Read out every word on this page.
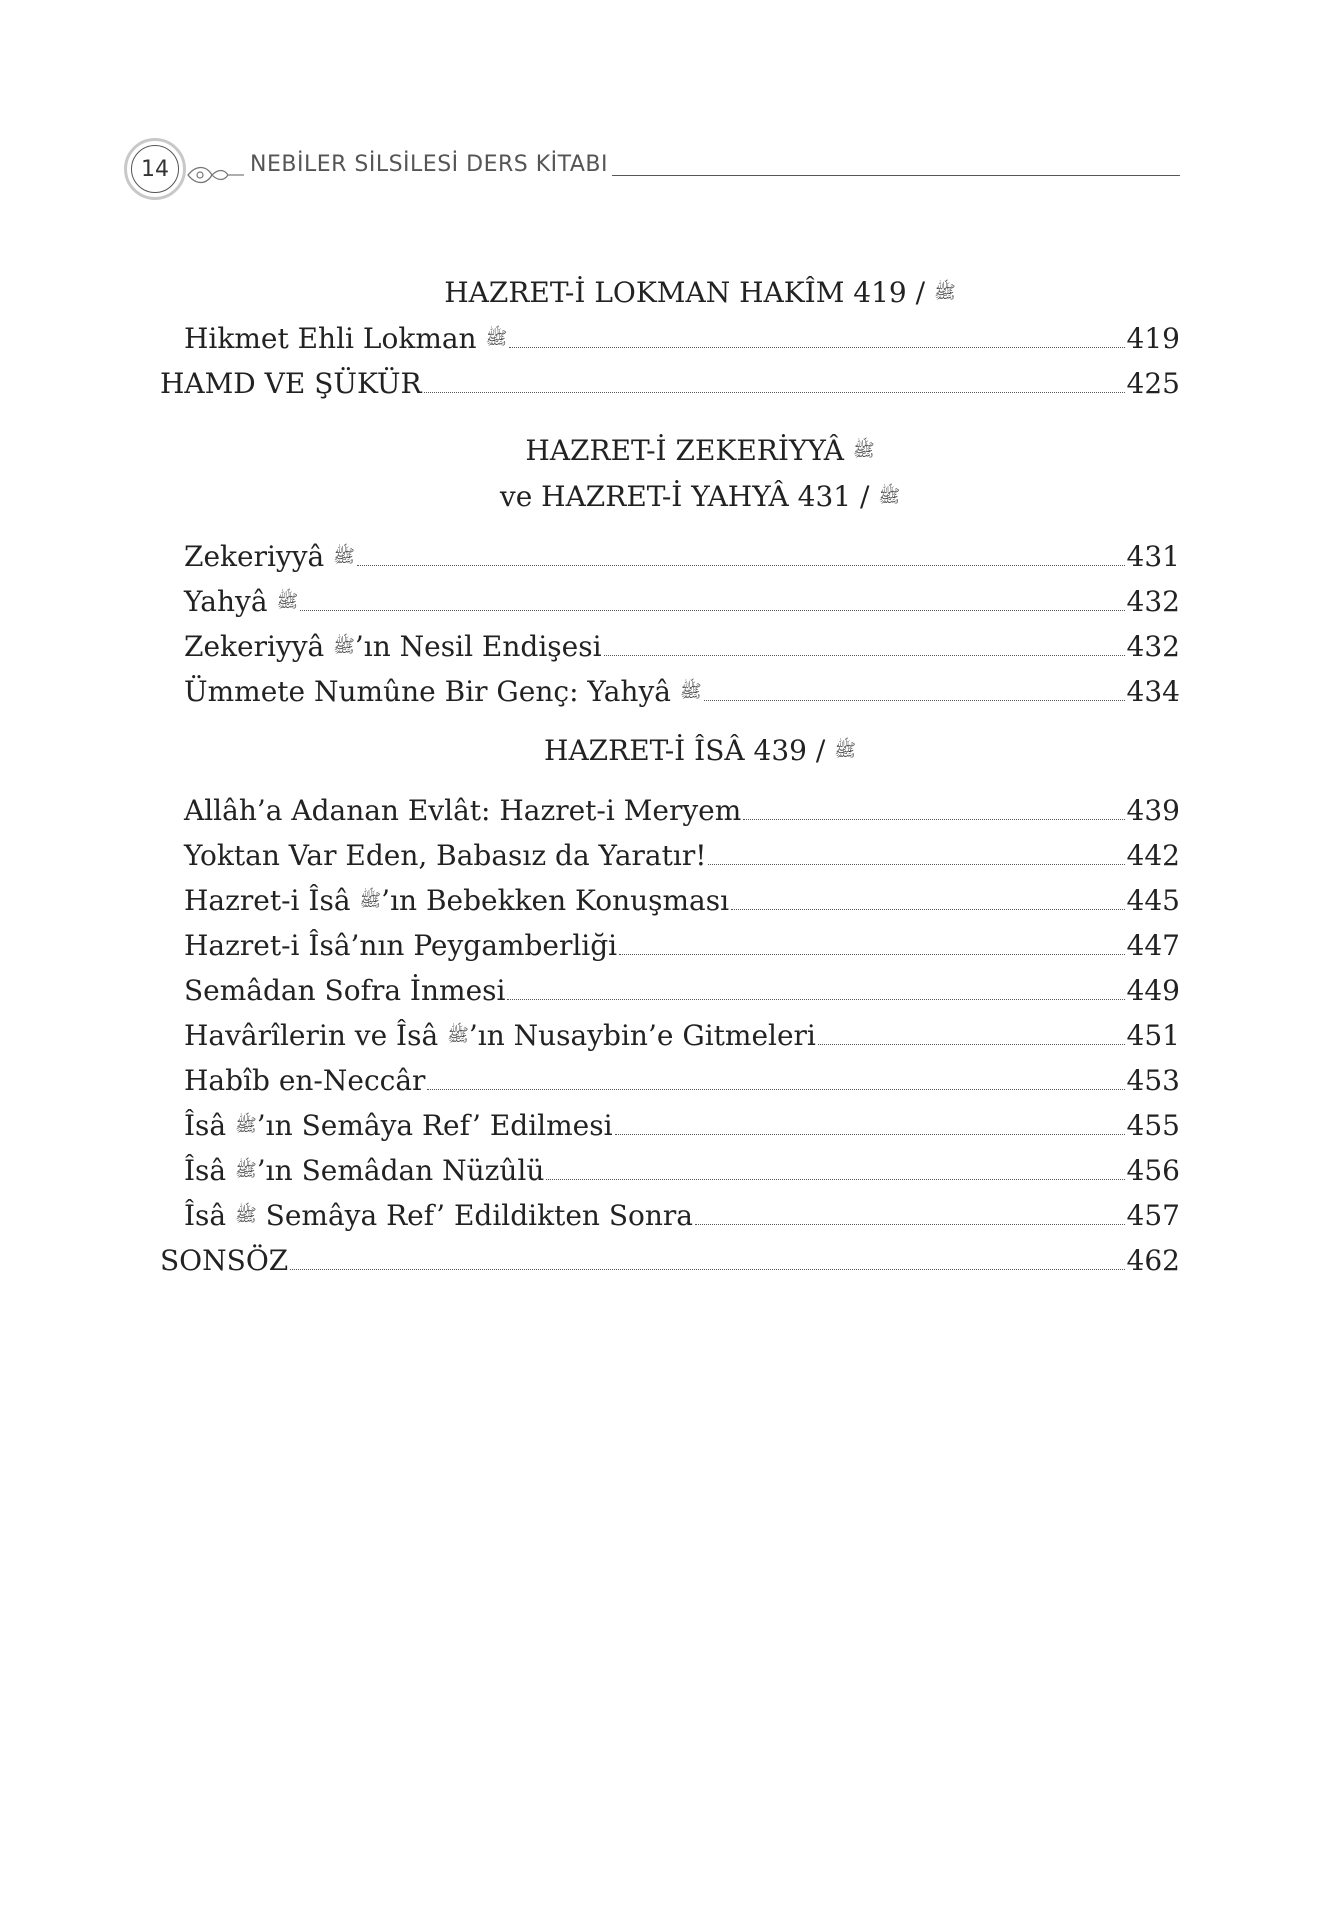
14	NEBİLER SİLSİLESİ DERS KİTABI
HAZRET-İ LOKMAN HAKÎM	ﷺ / 419
Hikmet Ehli Lokman ﷺ	419
HAMD VE ŞÜKÜR	425
HAZRET-İ ZEKERİYYÂ ﷺ
ve HAZRET-İ YAHYÂ	ﷺ / 431
Zekeriyyâ ﷺ	431
Yahyâ ﷺ	432
Zekeriyyâ ﷺ’ın Nesil Endişesi	432
Ümmete Numûne Bir Genç: Yahyâ ﷺ	434
HAZRET-İ ÎSÂ	ﷺ / 439
Allâh’a Adanan Evlât: Hazret-i Meryem	439
Yoktan Var Eden, Babasız da Yaratır!	442
Hazret-i Îsâ ﷺ’ın Bebekken Konuşması	445
Hazret-i Îsâ’nın Peygamberliği	447
Semâdan Sofra İnmesi	449
Havârîlerin ve Îsâ ﷺ’ın Nusaybin’e Gitmeleri	451
Habîb en-Neccâr	453
Îsâ ﷺ’ın Semâya Ref’ Edilmesi	455
Îsâ ﷺ’ın Semâdan Nüzûlü	456
Îsâ ﷺ Semâya Ref’ Edildikten Sonra	457
SONSÖZ	462
